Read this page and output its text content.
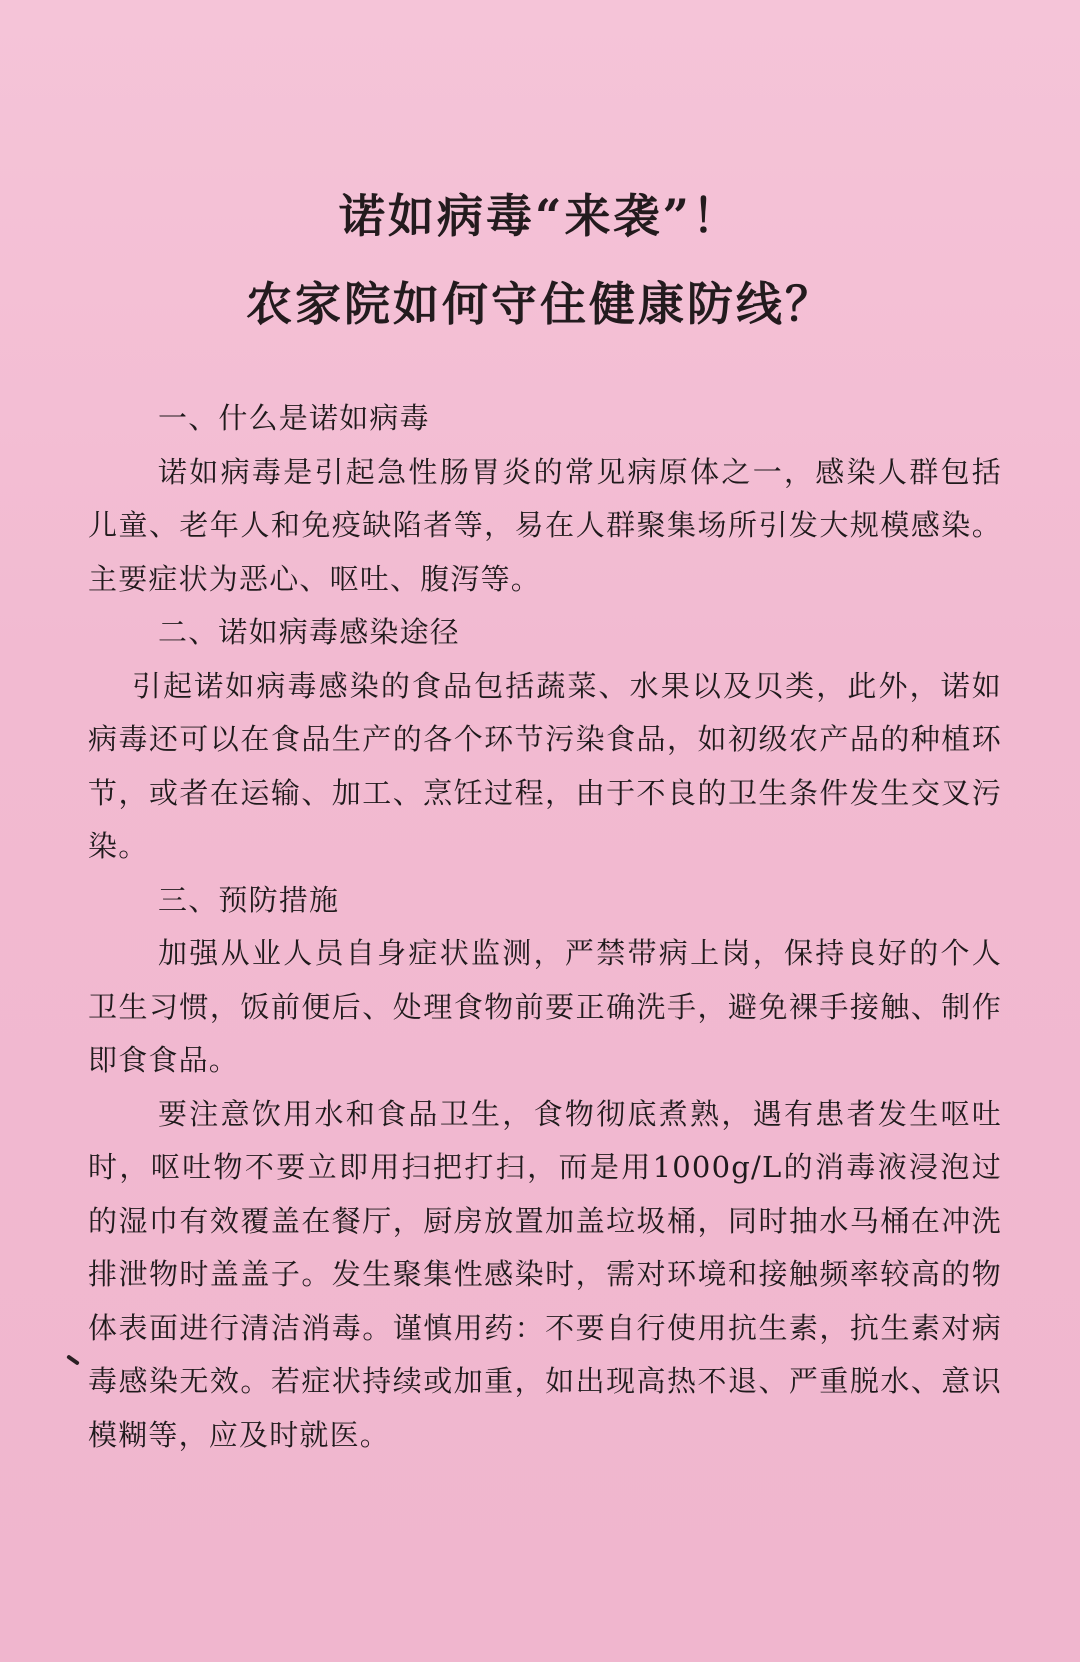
诺如病毒“来袭”！
农家院如何守住健康防线？
一、什么是诺如病毒

诺如病毒是引起急性肠胃炎的常见病原体之一，感染人群包括儿童、老年人和免疫缺陷者等，易在人群聚集场所引发大规模感染。主要症状为恶心、呕吐、腹泻等。

二、诺如病毒感染途径

引起诺如病毒感染的食品包括蔬菜、水果以及贝类，此外，诺如病毒还可以在食品生产的各个环节污染食品，如初级农产品的种植环节，或者在运输、加工、烹饪过程，由于不良的卫生条件发生交叉污染。

三、预防措施

加强从业人员自身症状监测，严禁带病上岗，保持良好的个人卫生习惯，饭前便后、处理食物前要正确洗手，避免裸手接触、制作即食食品。

要注意饮用水和食品卫生，食物彻底煮熟，遇有患者发生呕吐时，呕吐物不要立即用扫把打扫，而是用1000g/L的消毒液浸泡过的湿巾有效覆盖在餐厅，厨房放置加盖垃圾桶，同时抽水马桶在冲洗排泄物时盖盖子。发生聚集性感染时，需对环境和接触频率较高的物体表面进行清洁消毒。谨慎用药：不要自行使用抗生素，抗生素对病毒感染无效。若症状持续或加重，如出现高热不退、严重脱水、意识模糊等，应及时就医。
